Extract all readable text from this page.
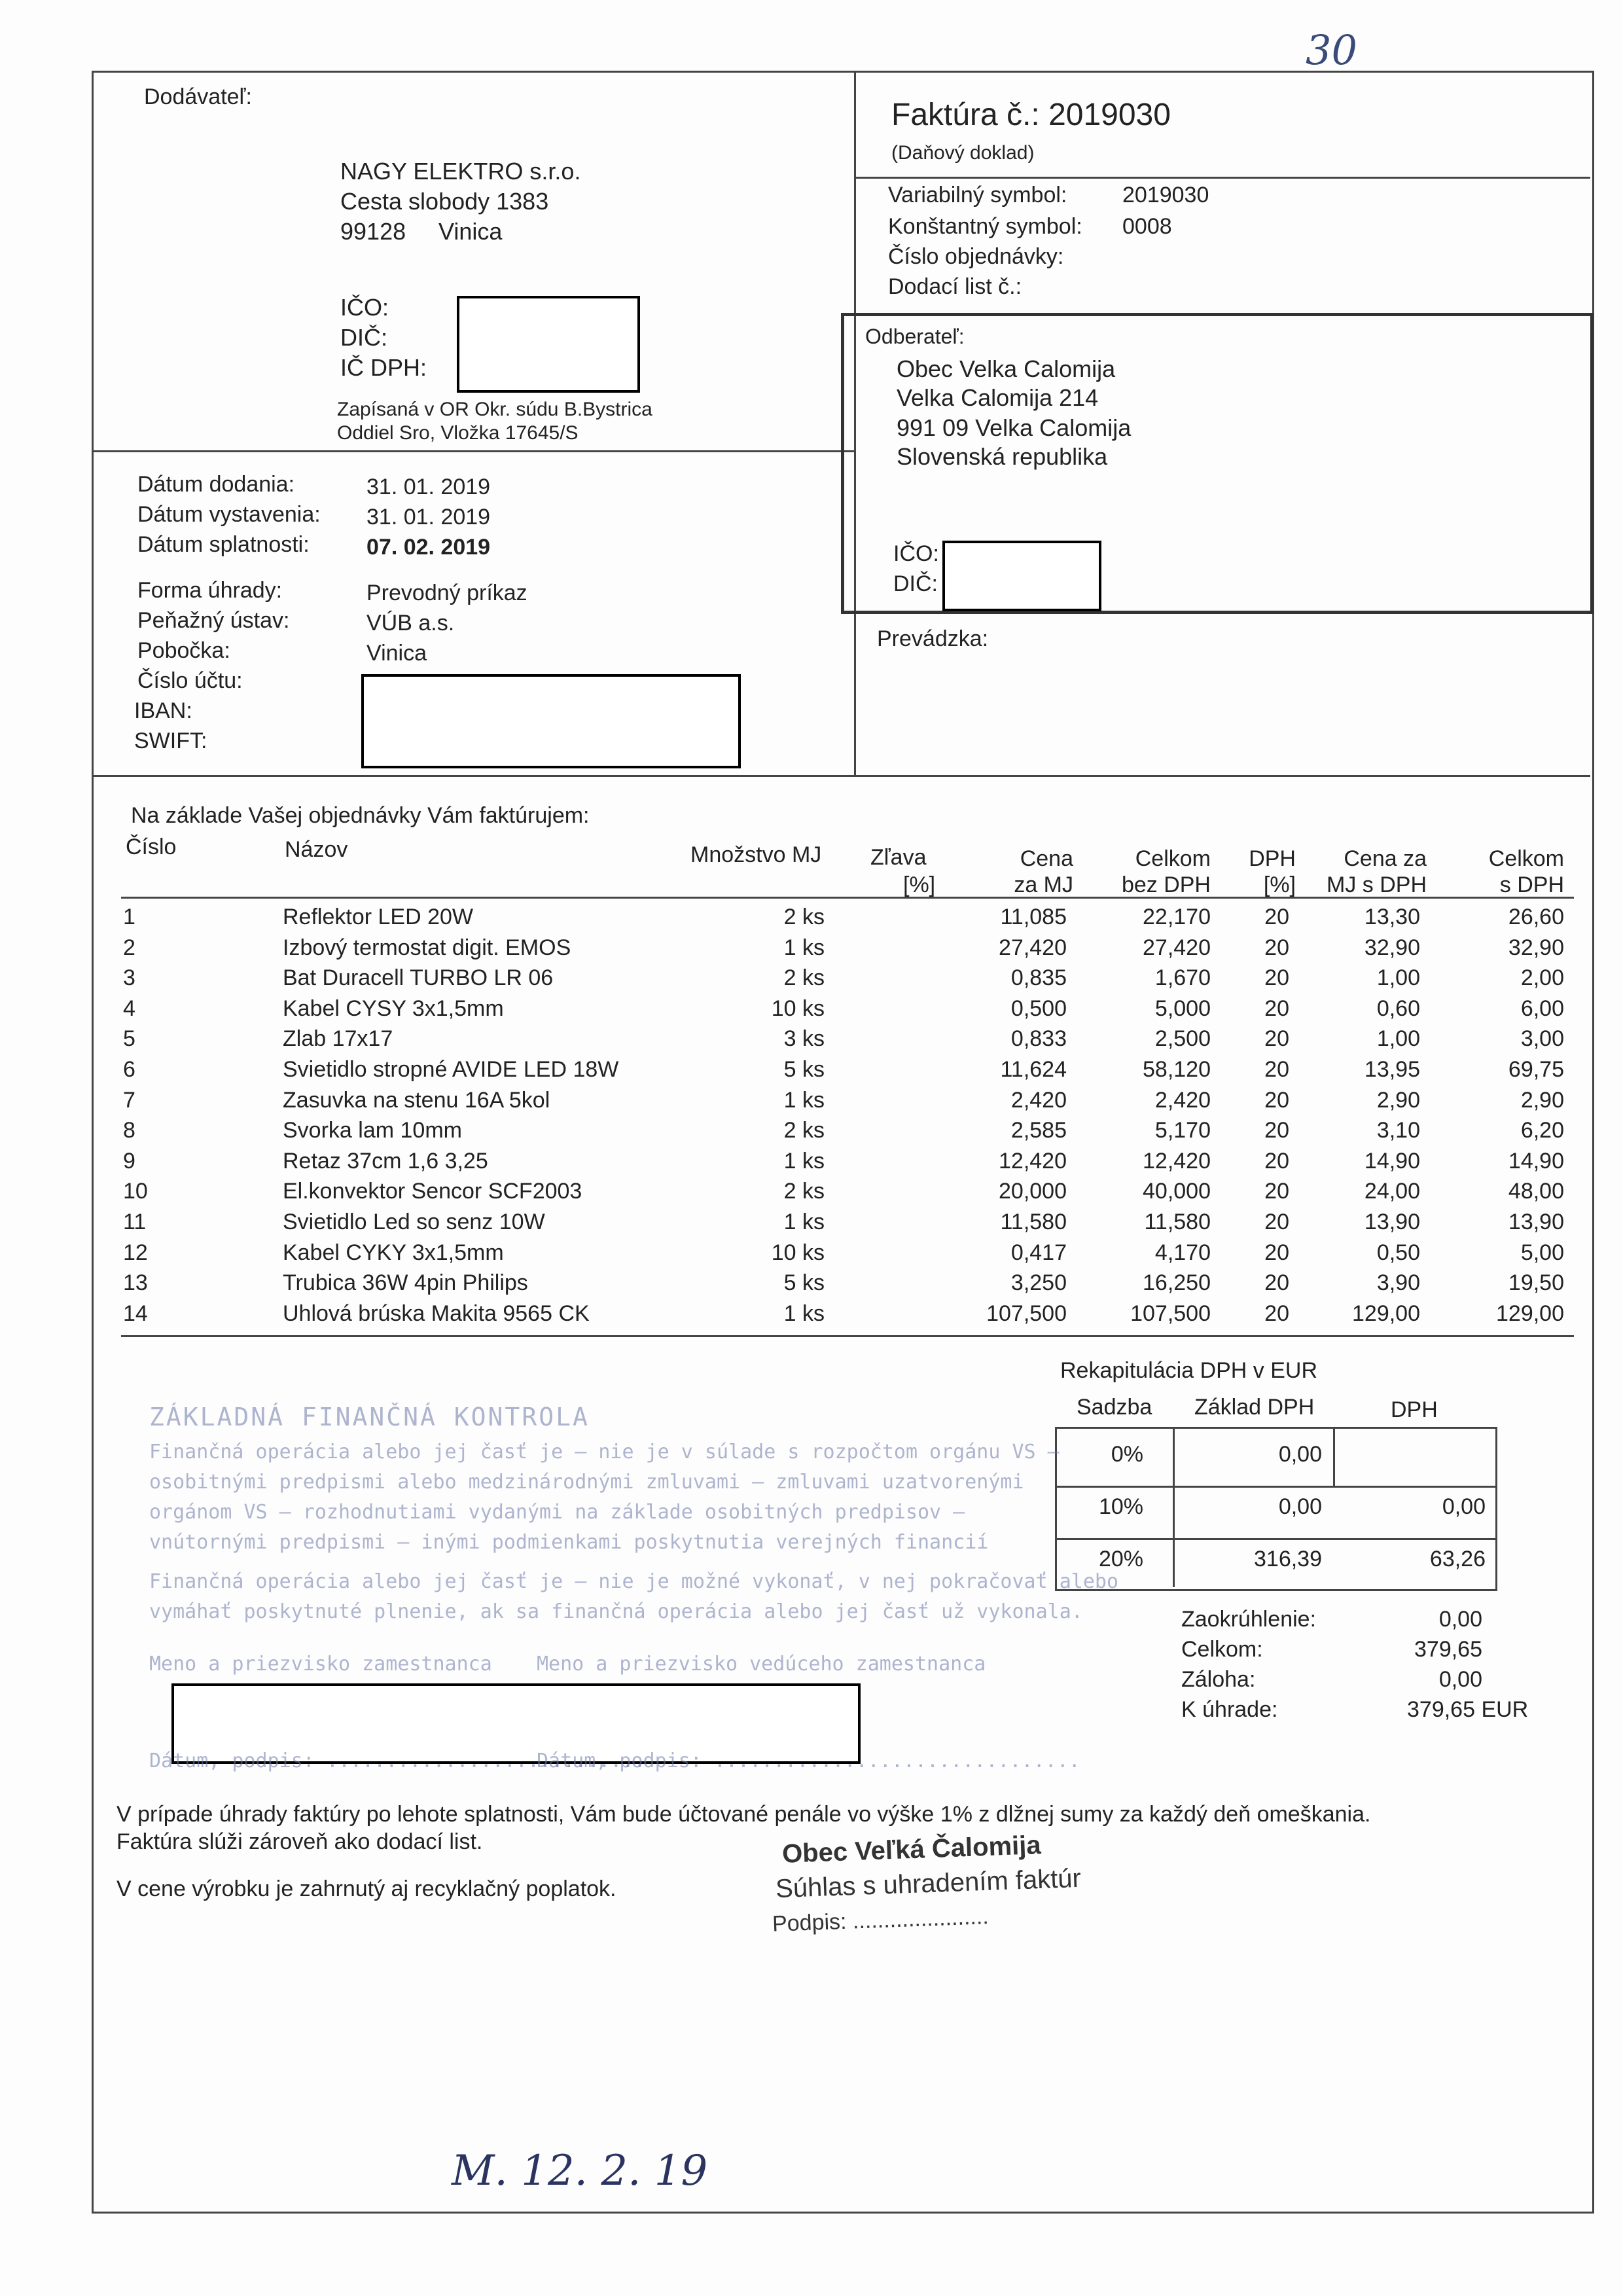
30
Dodávateľ:
NAGY ELEKTRO s.r.o.
Cesta slobody 1383
99128 Vinica
IČO:
DIČ:
IČ DPH:
Zapísaná v OR Okr. súdu B.Bystrica
Oddiel Sro, Vložka 17645/S
Faktúra č.: 2019030
(Daňový doklad)
Variabilný symbol: 2019030
Konštantný symbol: 0008
Číslo objednávky:
Dodací list č.:
Odberateľ:
Obec Velka Calomija
Velka Calomija 214
991 09 Velka Calomija
Slovenská republika
IČO:
DIČ:
Prevádzka:
Dátum dodania:	31. 01. 2019
Dátum vystavenia: 31. 01. 2019
Dátum splatnosti:	07. 02. 2019
Forma úhrady:	Prevodný príkaz
Peňažný ústav:	VÚB a.s.
Pobočka:	Vinica
Číslo účtu:
IBAN:
SWIFT:
Na základe Vašej objednávky Vám faktúrujem:
Číslo	Názov	Množstvo MJ Zľava
[%]
Cena
za MJ
Celkom
bez DPH
DPH
[%]
Cena za
MJ s DPH
Celkom
s DPH
1	Reflektor LED 20W	2 ks	11,085	22,170	20	13,30	26,60
2	Izbový termostat digit. EMOS	1 ks	27,420	27,420	20	32,90	32,90
3	Bat Duracell TURBO LR 06	2 ks	0,835	1,670	20	1,00	2,00
4	Kabel CYSY 3x1,5mm	10 ks	0,500	5,000	20	0,60	6,00
5	Zlab 17x17	3 ks	0,833	2,500	20	1,00	3,00
6	Svietidlo stropné AVIDE LED 18W	5 ks	11,624	58,120	20	13,95	69,75
7	Zasuvka na stenu 16A 5kol	1 ks	2,420	2,420	20	2,90	2,90
8	Svorka lam 10mm	2 ks	2,585	5,170	20	3,10	6,20
9	Retaz 37cm 1,6 3,25	1 ks	12,420	12,420	20	14,90	14,90
10	El.konvektor Sencor SCF2003	2 ks	20,000	40,000	20	24,00	48,00
11	Svietidlo Led so senz 10W	1 ks	11,580	11,580	20	13,90	13,90
12	Kabel CYKY 3x1,5mm	10 ks	0,417	4,170	20	0,50	5,00
13	Trubica 36W 4pin Philips	5 ks	3,250	16,250	20	3,90	19,50
14	Uhlová brúska Makita 9565 CK	1 ks	107,500	107,500	20	129,00	129,00
Rekapitulácia DPH v EUR
Sadzba Základ DPH	DPH
0%	0,00
10%	0,00	0,00
20%	316,39	63,26
Zaokrúhlenie:	0,00
Celkom:	379,65
Záloha:	0,00
K úhrade:	379,65 EUR
ZÁKLADNÁ FINANČNÁ KONTROLA
Finančná operácia alebo jej časť je – nie je v súlade s rozpočtom orgánu VS –
osobitnými predpismi alebo medzinárodnými zmluvami – zmluvami uzatvorenými
orgánom VS – rozhodnutiami vydanými na základe osobitných predpisov –
vnútornými predpismi – inými podmienkami poskytnutia verejných financií
Finančná operácia alebo jej časť je – nie je možné vykonať, v nej pokračovať alebo
vymáhať poskytnuté plnenie, ak sa finančná operácia alebo jej časť už vykonala.
Meno a priezvisko zamestnanca Meno a priezvisko vedúceho zamestnanca
Dátum, podpis: ...........................
Dátum, podpis: ...............................
V prípade úhrady faktúry po lehote splatnosti, Vám bude účtované penále vo výške 1% z dlžnej sumy za každý deň omeškania.
Faktúra slúži zároveň ako dodací list.
V cene výrobku je zahrnutý aj recyklačný poplatok.
Obec Veľká Čalomija
Súhlas s uhradením faktúr
Podpis: ......................
M. 12. 2. 19
